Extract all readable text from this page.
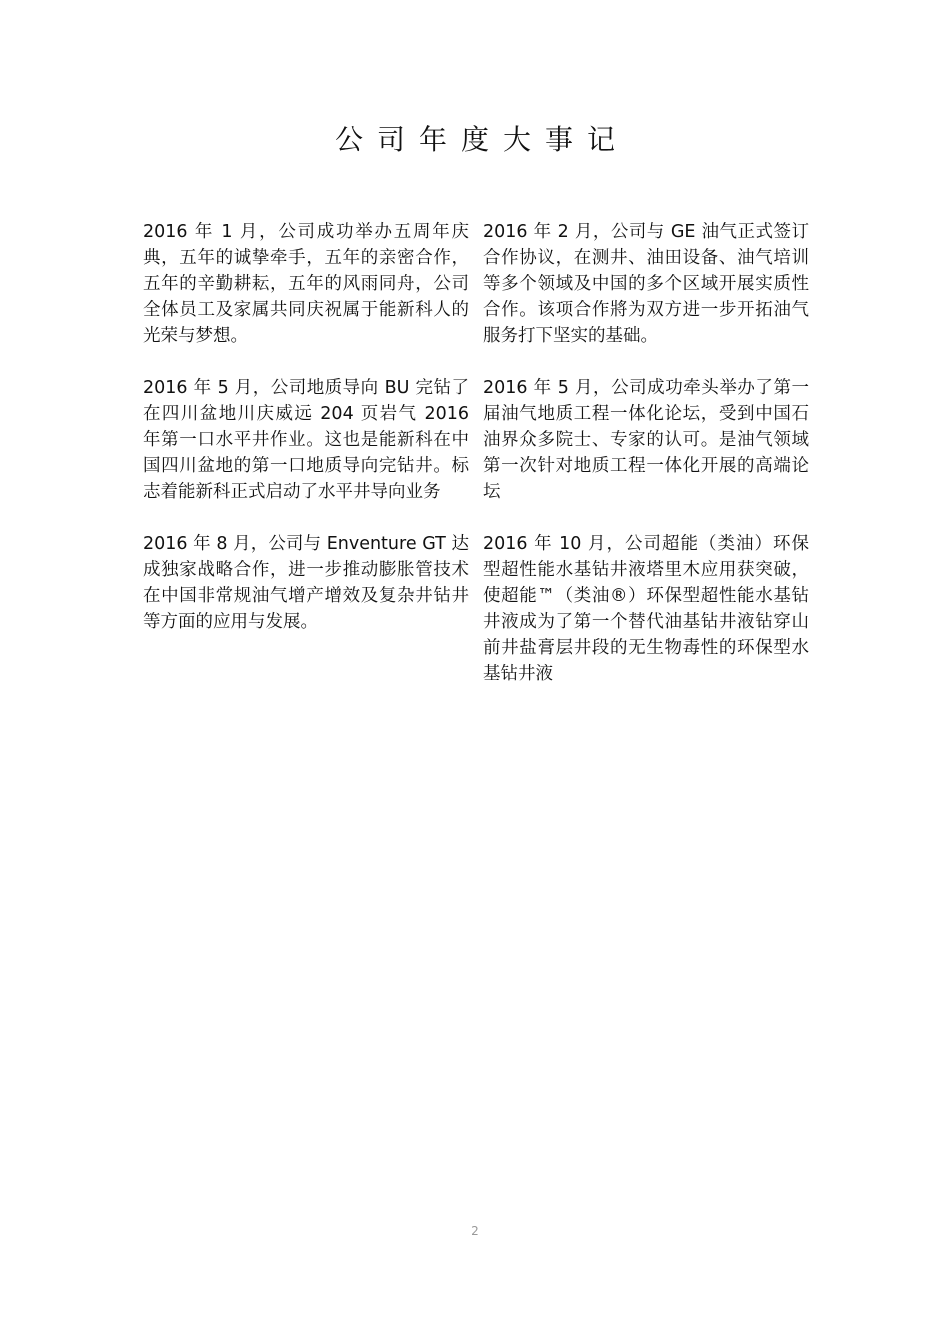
公司年度大事记

2016 年 1 月，公司成功举办五周年庆典，五年的诚挚牵手，五年的亲密合作，五年的辛勤耕耘，五年的风雨同舟，公司全体员工及家属共同庆祝属于能新科人的光荣与梦想。

2016 年 2 月，公司与 GE 油气正式签订合作协议，在测井、油田设备、油气培训等多个领域及中国的多个区域开展实质性合作。该项合作將为双方进一步开拓油气服务打下坚实的基础。

2016 年 5 月，公司地质导向 BU 完钻了在四川盆地川庆威远 204 页岩气 2016 年第一口水平井作业。这也是能新科在中国四川盆地的第一口地质导向完钻井。标志着能新科正式启动了水平井导向业务

2016 年 5 月，公司成功牵头举办了第一届油气地质工程一体化论坛，受到中国石油界众多院士、专家的认可。是油气领域第一次针对地质工程一体化开展的高端论坛

2016 年 8 月，公司与 Enventure GT 达成独家战略合作，进一步推动膨胀管技术在中国非常规油气增产增效及复杂井钻井等方面的应用与发展。

2016 年 10 月，公司超能（类油）环保型超性能水基钻井液塔里木应用获突破，使超能™（类油®）环保型超性能水基钻井液成为了第一个替代油基钻井液钻穿山前井盐膏层井段的无生物毒性的环保型水基钻井液

2
